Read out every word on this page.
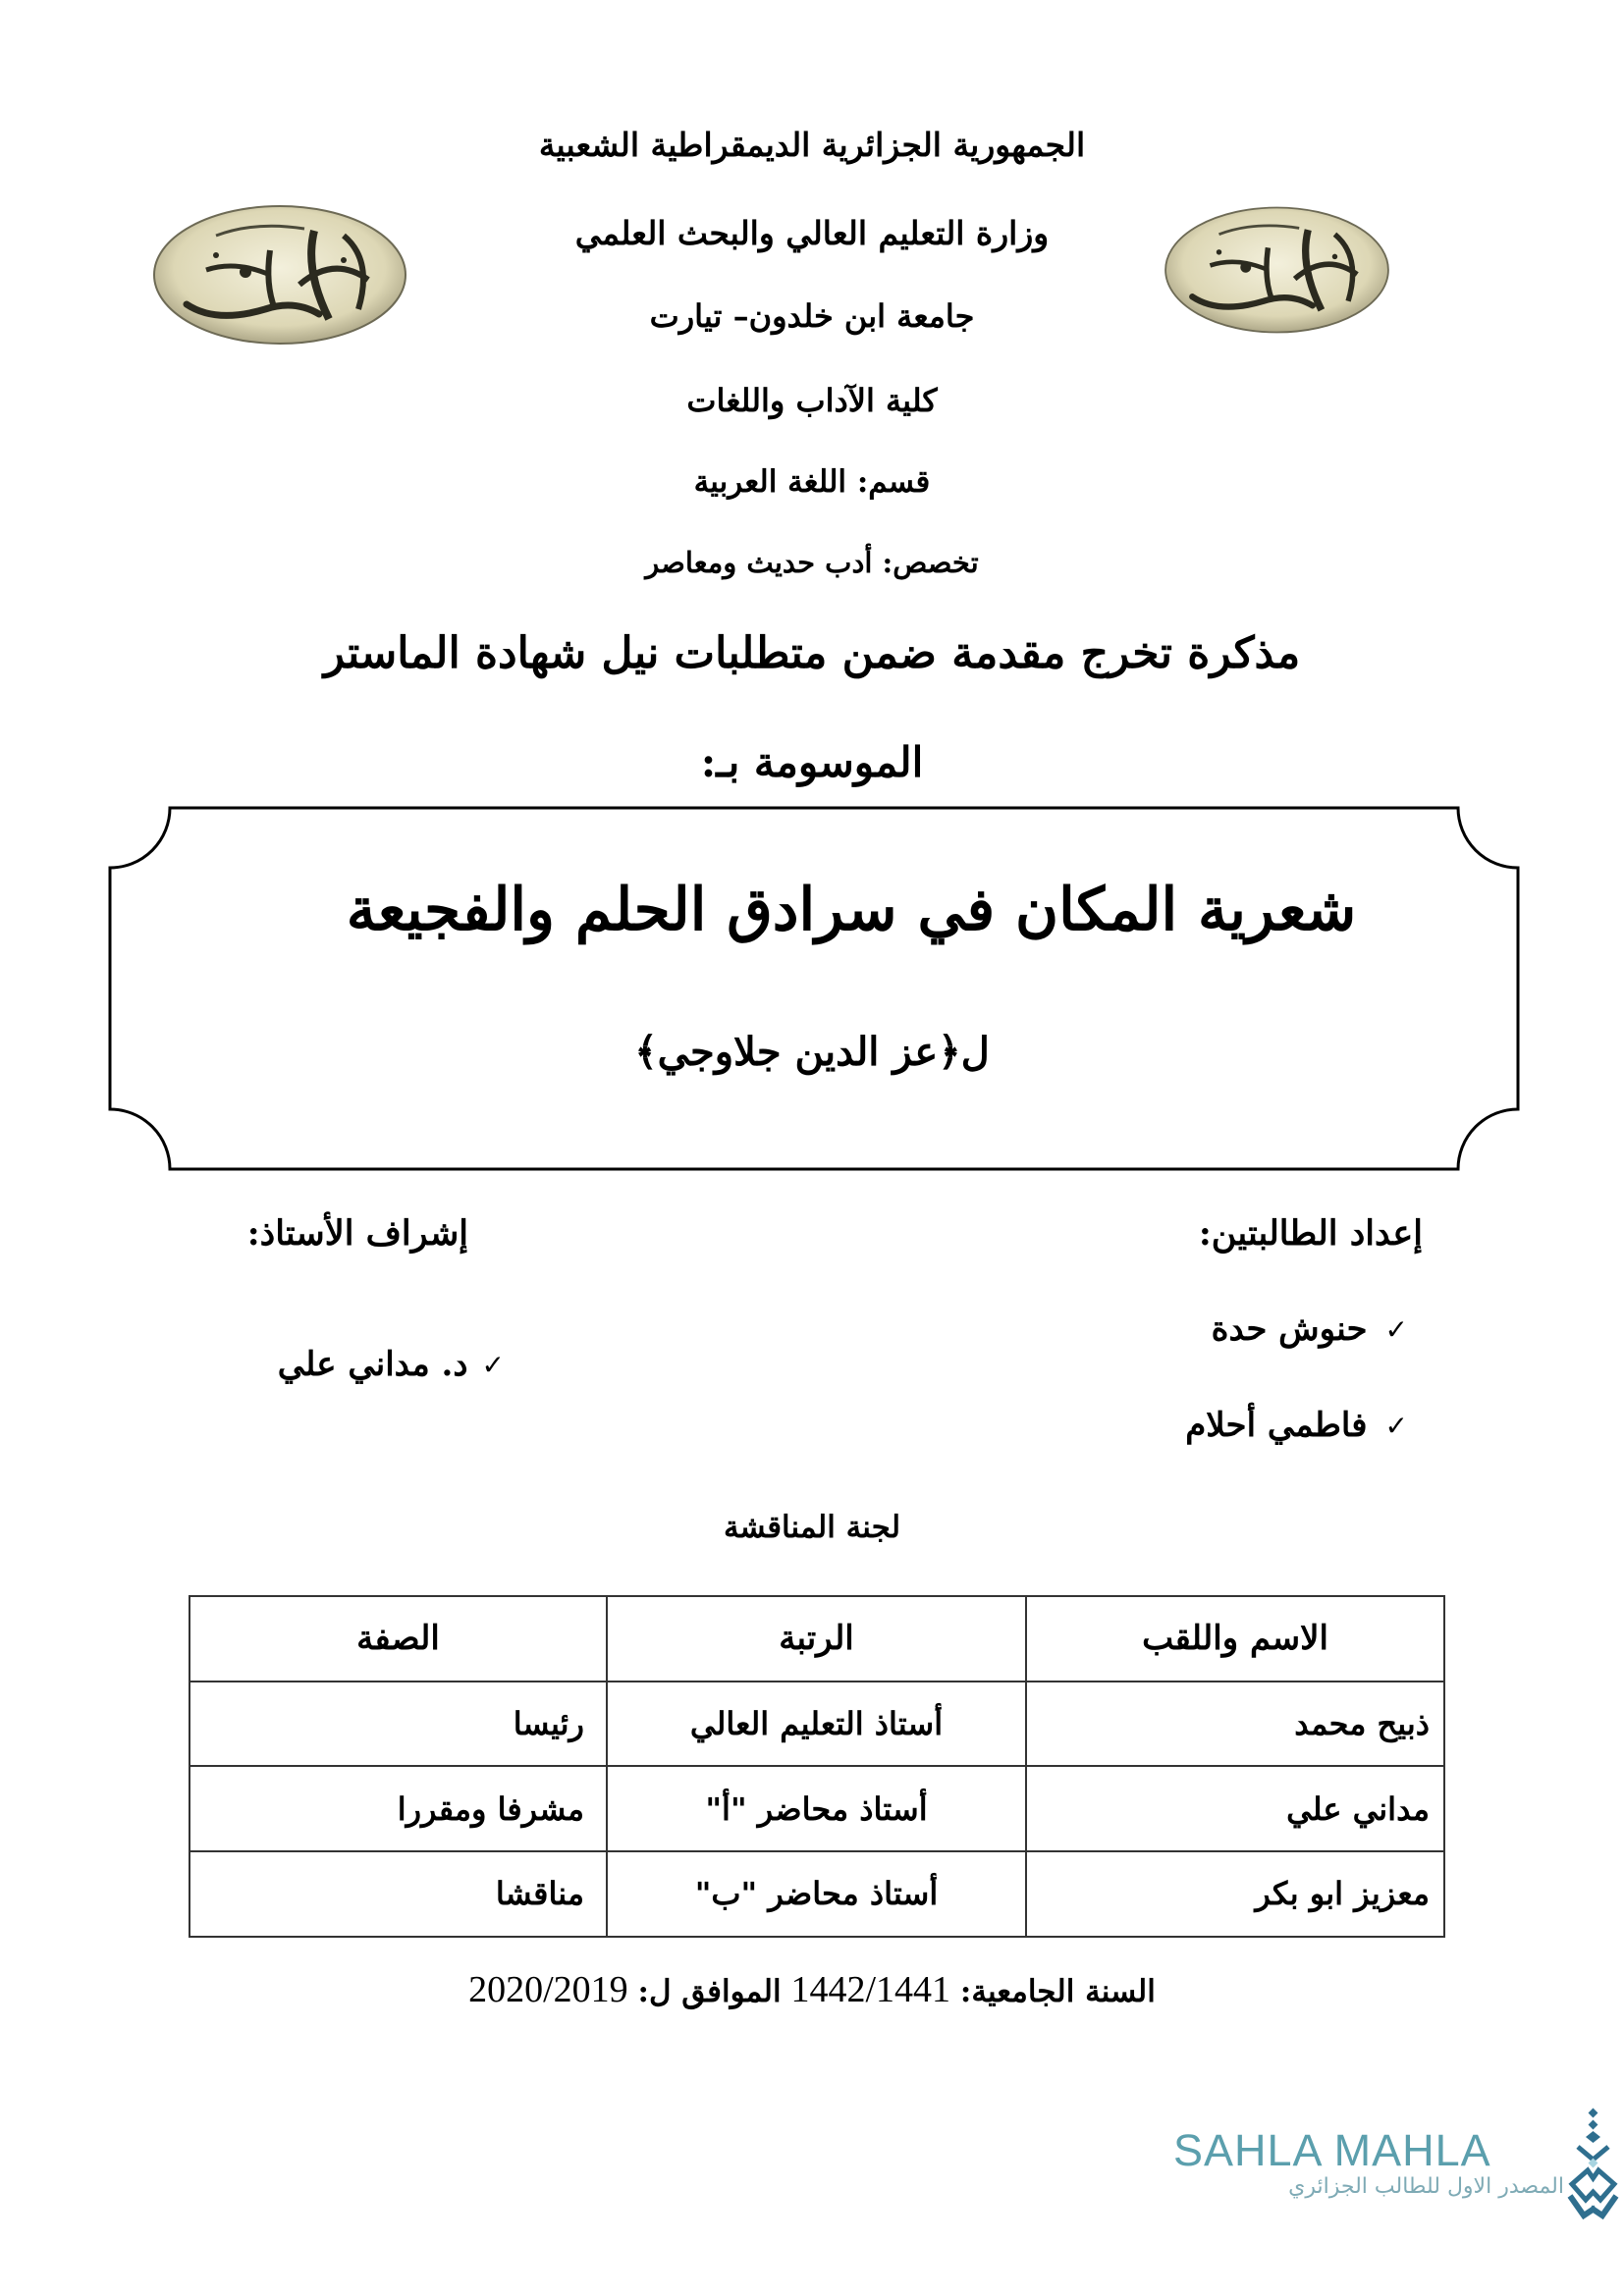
الجمهورية الجزائرية الديمقراطية الشعبية
وزارة التعليم العالي والبحث العلمي
جامعة ابن خلدون– تيارت
كلية الآداب واللغات
قسم: اللغة العربية
تخصص: أدب حديث ومعاصر
مذكرة تخرج مقدمة ضمن متطلبات نيل شهادة الماستر
الموسومة بـ:
شعرية المكان في سرادق الحلم والفجيعة
ل﴿عز الدين جلاوجي﴾
إعداد الطالبتين:
✓
حنوش حدة
✓
فاطمي أحلام
إشراف الأستاذ:
✓
د. مداني علي
لجنة المناقشة
الاسم واللقب	الرتبة	الصفة
ذبيح محمد	أستاذ التعليم العالي	رئيسا
مداني علي	أستاذ محاضر "أ"	مشرفا ومقررا
معزيز ابو بكر	أستاذ محاضر "ب"	مناقشا
السنة الجامعية: 1442/1441 الموافق ل: 2020/2019
SAHLA MAHLA
المصدر الاول للطالب الجزائري
